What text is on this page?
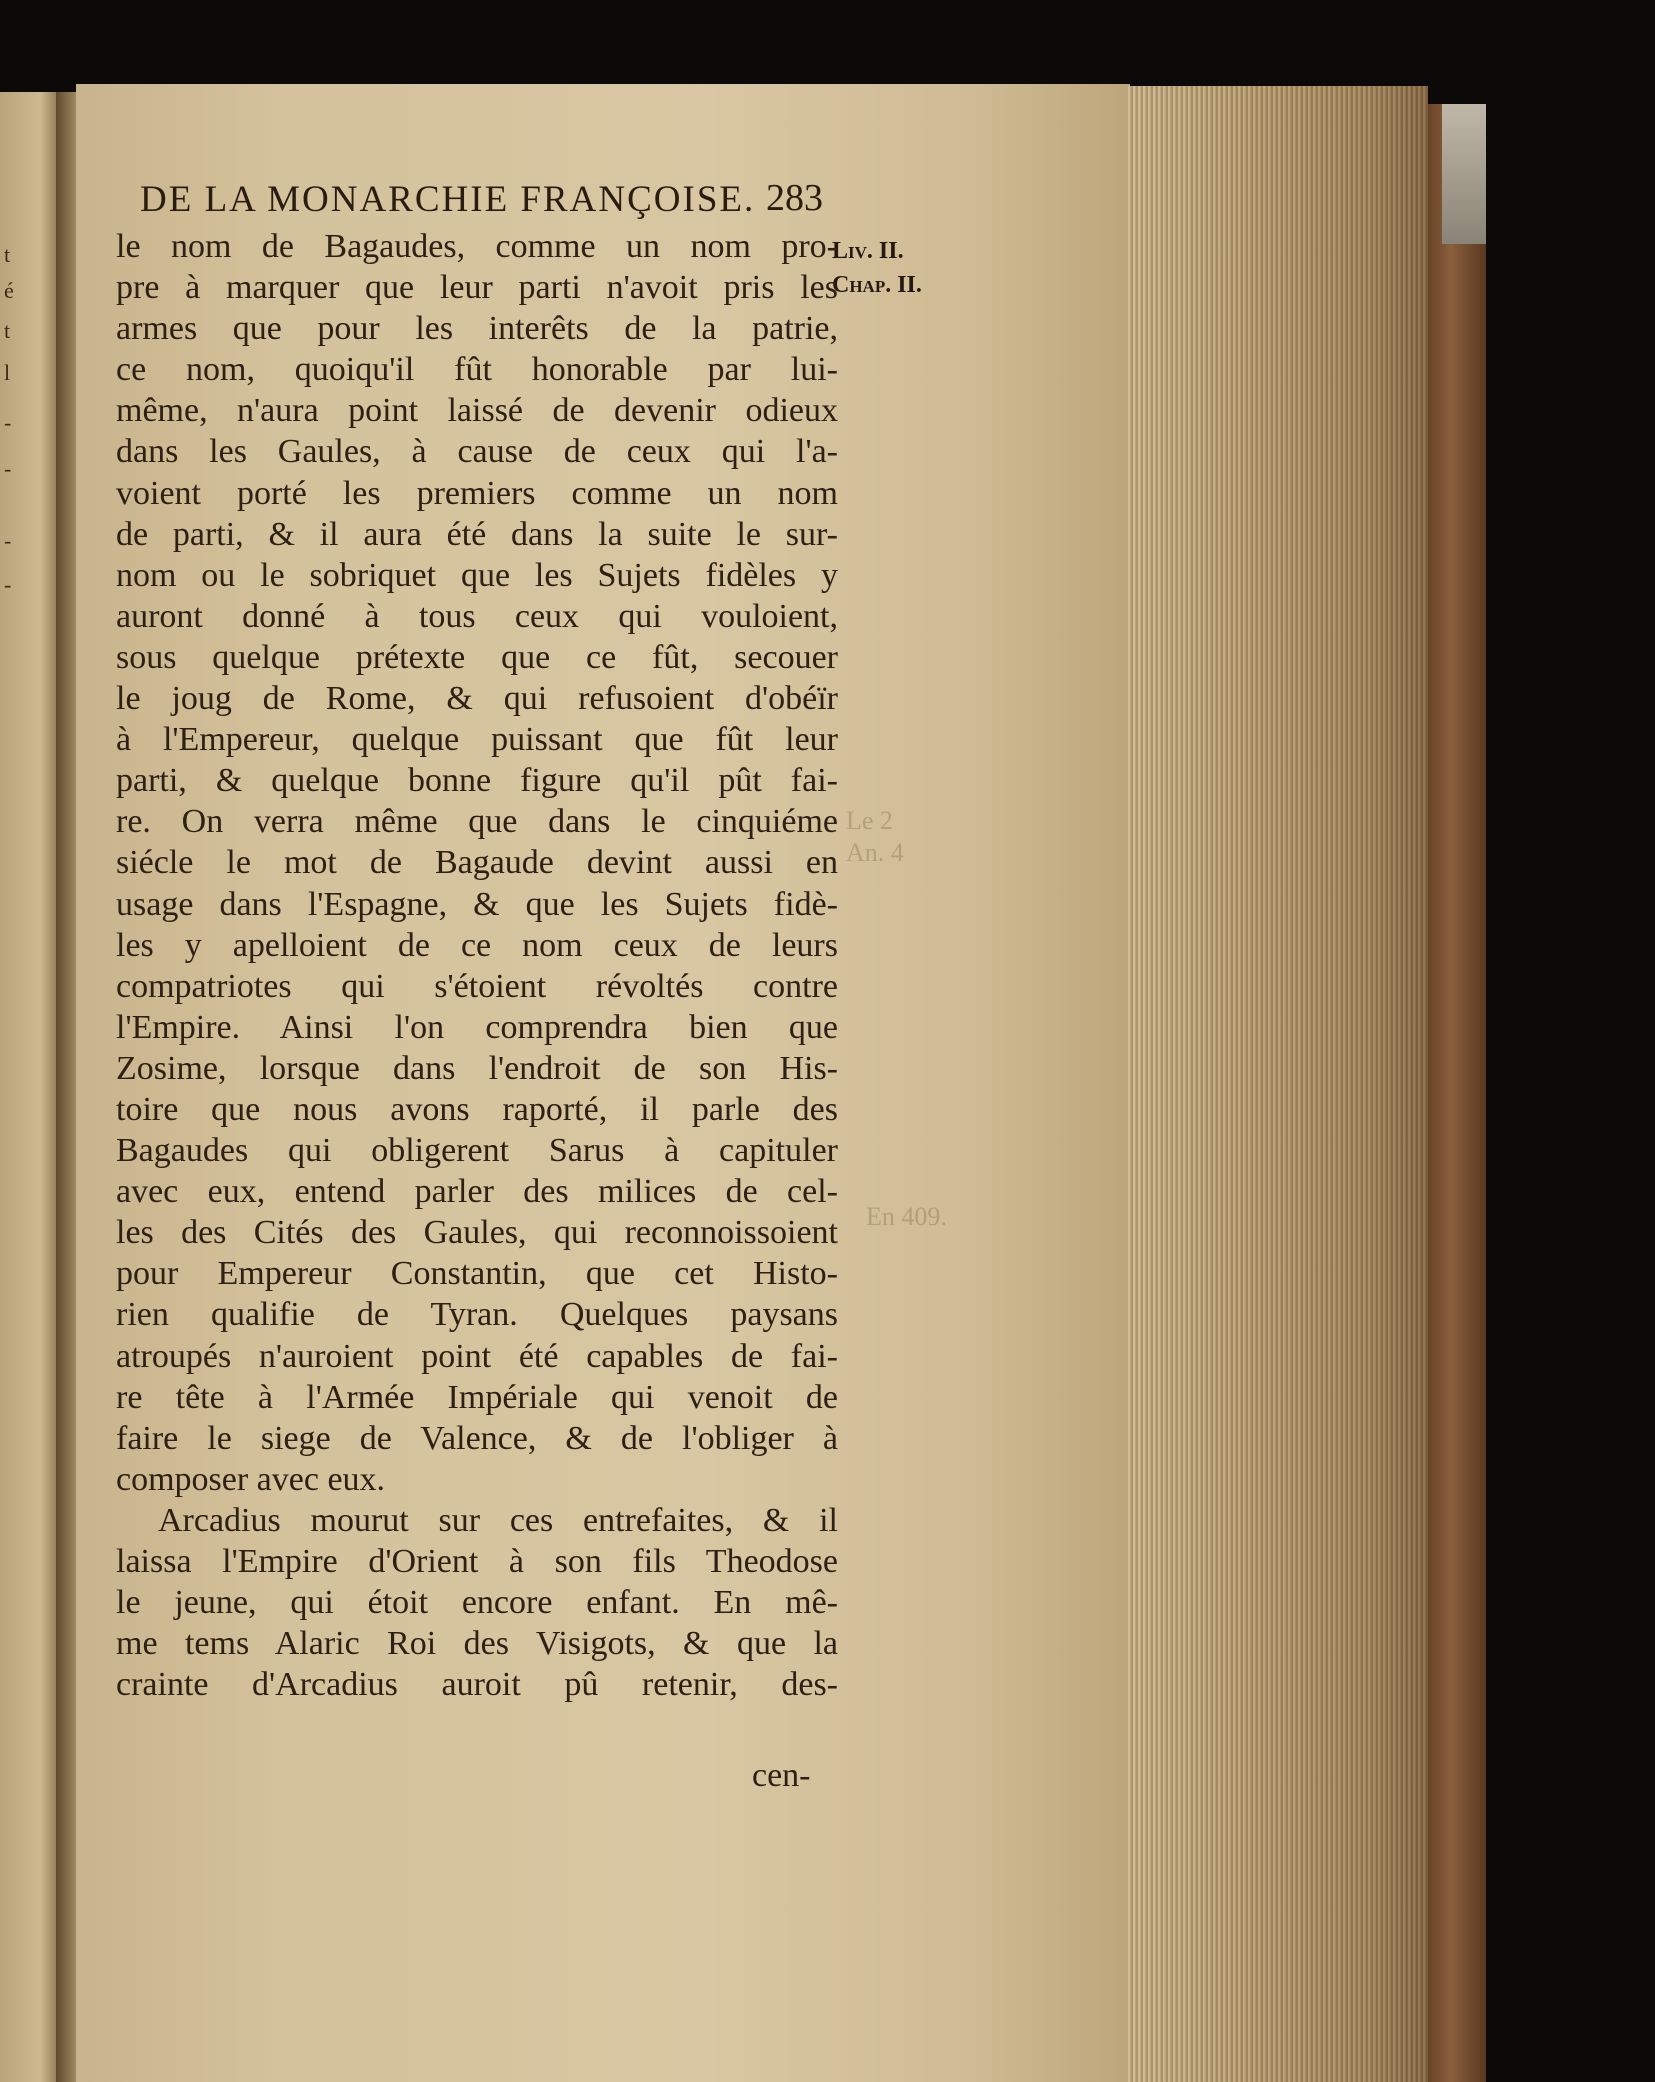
t
é
t
l
-
-
-
-
DE LA MONARCHIE FRANÇOISE. 283
Liv. II.
Chap. II.
Le 2
An. 4
En 409.
le nom de Bagaudes, comme un nom pro-
pre à marquer que leur parti n'avoit pris les
armes que pour les interêts de la patrie,
ce nom, quoiqu'il fût honorable par lui-
même, n'aura point laissé de devenir odieux
dans les Gaules, à cause de ceux qui l'a-
voient porté les premiers comme un nom
de parti, & il aura été dans la suite le sur-
nom ou le sobriquet que les Sujets fidèles y
auront donné à tous ceux qui vouloient,
sous quelque prétexte que ce fût, secouer
le joug de Rome, & qui refusoient d'obéïr
à l'Empereur, quelque puissant que fût leur
parti, & quelque bonne figure qu'il pût fai-
re. On verra même que dans le cinquiéme
siécle le mot de Bagaude devint aussi en
usage dans l'Espagne, & que les Sujets fidè-
les y apelloient de ce nom ceux de leurs
compatriotes qui s'étoient révoltés contre
l'Empire. Ainsi l'on comprendra bien que
Zosime, lorsque dans l'endroit de son His-
toire que nous avons raporté, il parle des
Bagaudes qui obligerent Sarus à capituler
avec eux, entend parler des milices de cel-
les des Cités des Gaules, qui reconnoissoient
pour Empereur Constantin, que cet Histo-
rien qualifie de Tyran. Quelques paysans
atroupés n'auroient point été capables de fai-
re tête à l'Armée Impériale qui venoit de
faire le siege de Valence, & de l'obliger à
composer avec eux.
Arcadius mourut sur ces entrefaites, & il
laissa l'Empire d'Orient à son fils Theodose
le jeune, qui étoit encore enfant. En mê-
me tems Alaric Roi des Visigots, & que la
crainte d'Arcadius auroit pû retenir, des-
cen-
